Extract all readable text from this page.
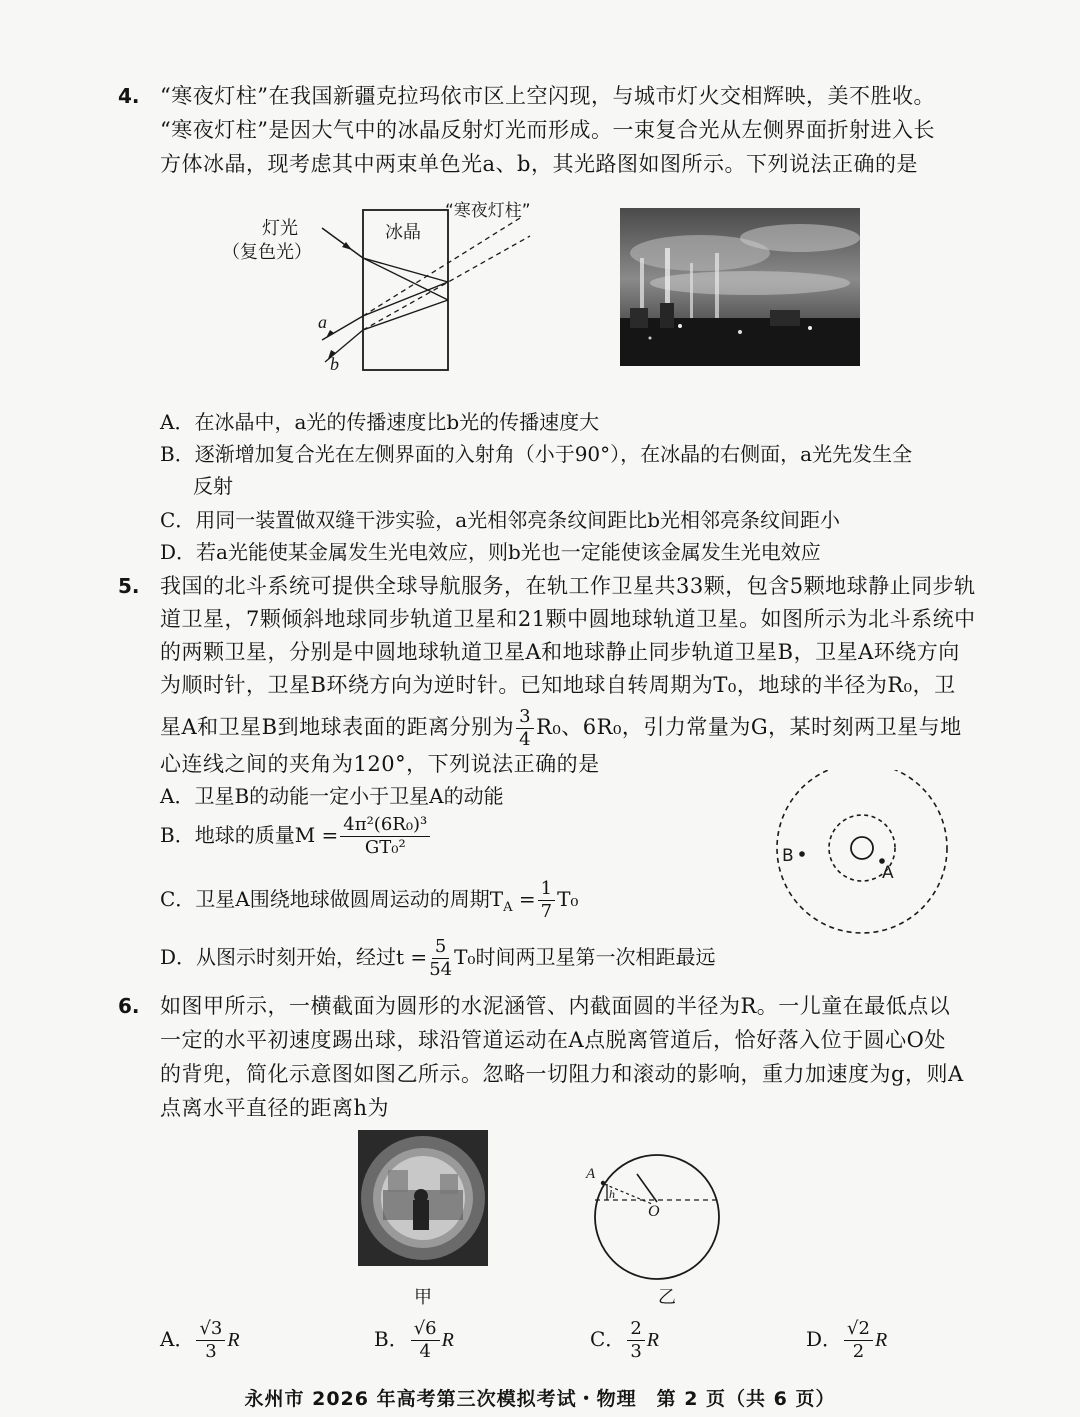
4. “寒夜灯柱”在我国新疆克拉玛依市区上空闪现，与城市灯火交相辉映，美不胜收。
“寒夜灯柱”是因大气中的冰晶反射灯光而形成。一束复合光从左侧界面折射进入长
方体冰晶，现考虑其中两束单色光a、b，其光路图如图所示。下列说法正确的是
冰晶
“寒夜灯柱”
a
b
灯光
（复色光）
A．在冰晶中，a光的传播速度比b光的传播速度大
B．逐渐增加复合光在左侧界面的入射角（小于90°），在冰晶的右侧面，a光先发生全
反射
C．用同一装置做双缝干涉实验，a光相邻亮条纹间距比b光相邻亮条纹间距小
D．若a光能使某金属发生光电效应，则b光也一定能使该金属发生光电效应
5. 我国的北斗系统可提供全球导航服务，在轨工作卫星共33颗，包含5颗地球静止同步轨
道卫星，7颗倾斜地球同步轨道卫星和21颗中圆地球轨道卫星。如图所示为北斗系统中
的两颗卫星，分别是中圆地球轨道卫星A和地球静止同步轨道卫星B，卫星A环绕方向
为顺时针，卫星B环绕方向为逆时针。已知地球自转周期为T₀，地球的半径为R₀，卫
星A和卫星B到地球表面的距离分别为 $\frac{3}{4} R_0$、6R₀，引力常量为G，某时刻两卫星与地
心连线之间的夹角为120°，下列说法正确的是
A．卫星B的动能一定小于卫星A的动能
B．地球的质量$M = \frac{\text{4π²(6R₀)³}}{\text{GT₀²}}$
C．卫星A围绕地球做圆周运动的周期$T_A = \frac{1}{7} T_0$
D．从图示时刻开始，经过$t = \frac{5}{54} T_0$时间两卫星第一次相距最远
B
A
6. 如图甲所示，一横截面为圆形的水泥涵管、内截面圆的半径为R。一儿童在最低点以
一定的水平初速度踢出球，球沿管道运动在A点脱离管道后，恰好落入位于圆心O处
的背兜，简化示意图如图乙所示。忽略一切阻力和滚动的影响，重力加速度为g，则A
点离水平直径的距离h为
甲
A
h
O
乙
A． $\frac{√3}{3}$ R	B． $\frac{√6}{4}$ R	C． $\frac{2}{3}$ R	D． $\frac{√2}{2}$ R
永州市 2026 年高考第三次模拟考试・物理　第 2 页（共 6 页）
